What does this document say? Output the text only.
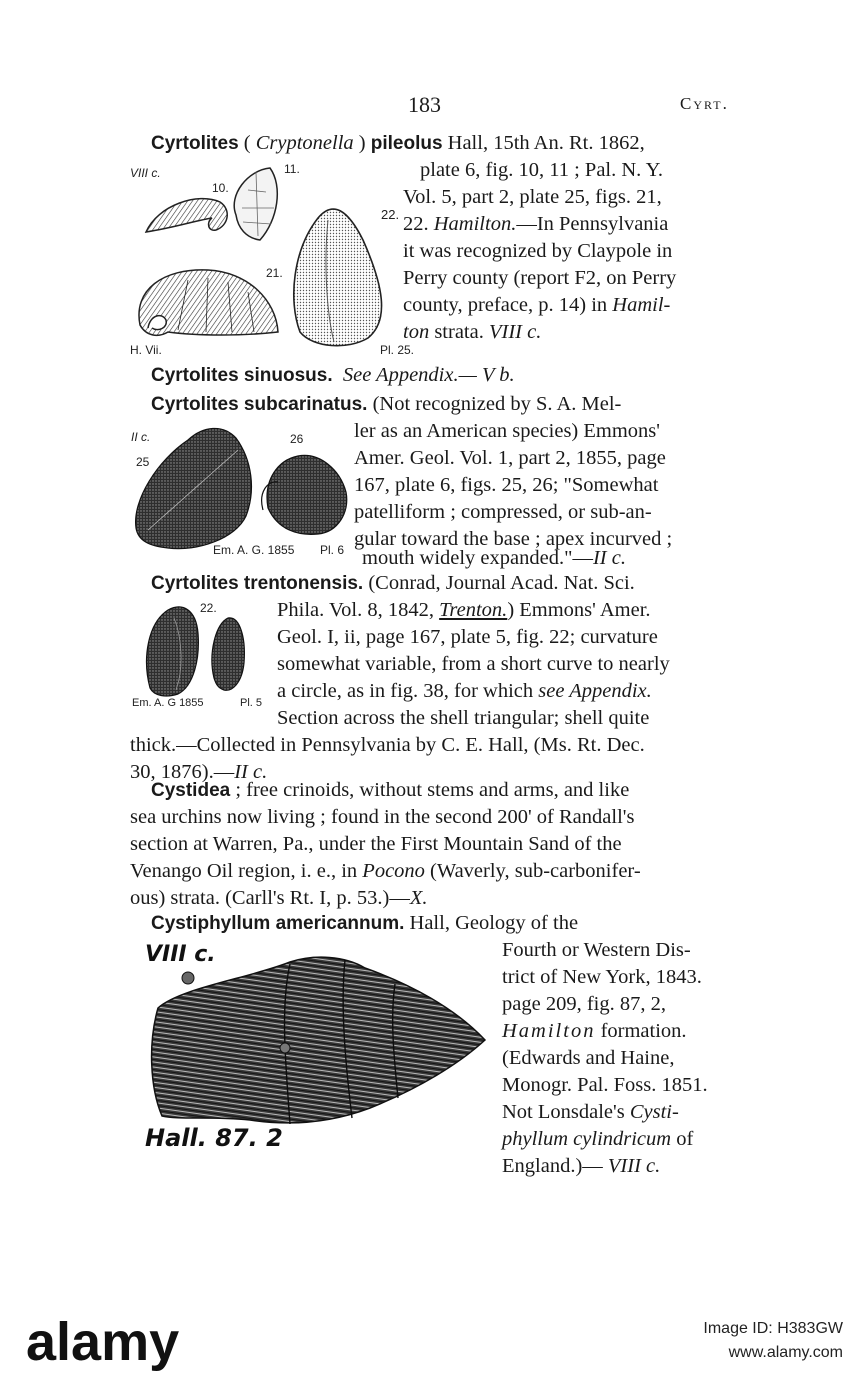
183	Cyrt.
Cyrtolites ( Cryptonella ) pileolus Hall, 15th An. Rt. 1862,
plate 6, fig. 10, 11 ; Pal. N. Y.
Vol. 5, part 2, plate 25, figs. 21,
22. Hamilton.—In Pennsylvania
it was recognized by Claypole in
Perry county (report F2, on Perry
county, preface, p. 14) in Hamil-
ton strata. VIII c.
VIII c.
10.
11.
22.
21.
H. Vii.	Pl. 25.
Cyrtolites sinuosus. See Appendix.— V b.
Cyrtolites subcarinatus. (Not recognized by S. A. Mel-
ler as an American species) Emmons'
Amer. Geol. Vol. 1, part 2, 1855, page
167, plate 6, figs. 25, 26; "Somewhat
patelliform ; compressed, or sub-an-
gular toward the base ; apex incurved ;
mouth widely expanded."—II c.
II c.
25
26
Em. A. G. 1855 Pl. 6
Cyrtolites trentonensis. (Conrad, Journal Acad. Nat. Sci.
Phila. Vol. 8, 1842, Trenton.) Emmons' Amer.
Geol. I, ii, page 167, plate 5, fig. 22; curvature
somewhat variable, from a short curve to nearly
a circle, as in fig. 38, for which see Appendix.
Section across the shell triangular; shell quite
thick.—Collected in Pennsylvania by C. E. Hall, (Ms. Rt. Dec.
30, 1876).—II c.
22.
Em. A. G 1855	Pl. 5
Cystidea ; free crinoids, without stems and arms, and like
sea urchins now living ; found in the second 200' of Randall's
section at Warren, Pa., under the First Mountain Sand of the
Venango Oil region, i. e., in Pocono (Waverly, sub-carbonifer-
ous) strata. (Carll's Rt. I, p. 53.)—X.
Cystiphyllum americannum. Hall, Geology of the
Fourth or Western Dis-
trict of New York, 1843.
page 209, fig. 87, 2,
Hamilton formation.
(Edwards and Haine,
Monogr. Pal. Foss. 1851.
Not Lonsdale's Cysti-
phyllum cylindricum of
England.)— VIII c.
VIII c.
Hall. 87. 2
alamy	Image ID: H383GW
www.alamy.com
